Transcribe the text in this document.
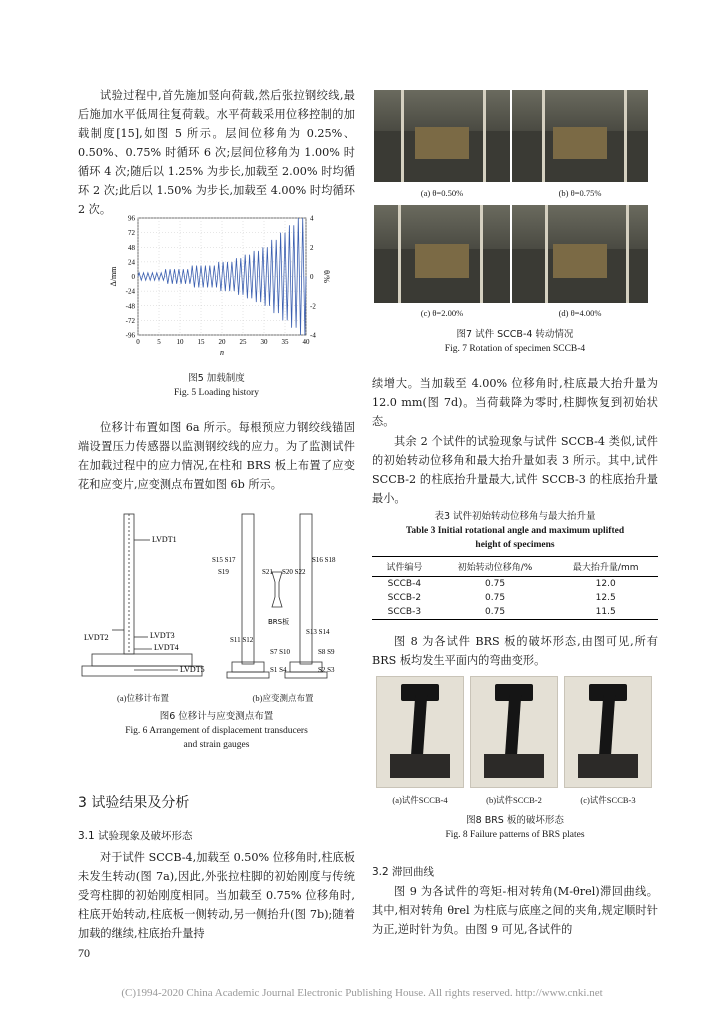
试验过程中,首先施加竖向荷载,然后张拉钢绞线,最后施加水平低周往复荷载。水平荷载采用位移控制的加载制度[15],如图 5 所示。层间位移角为 0.25%、0.50%、0.75% 时循环 6 次;层间位移角为 1.00% 时循环 4 次;随后以 1.25% 为步长,加载至 2.00% 时均循环 2 次;此后以 1.50% 为步长,加载至 4.00% 时均循环 2 次。
0	5 10 15 20 25 30 35 40
96
72
48
24
0
-24
-48
-72
-96
4
2
0
-2
-4
n
Δ/mm	θ/%
图5 加载制度
Fig. 5 Loading history
位移计布置如图 6a 所示。每根预应力钢绞线锚固端设置压力传感器以监测钢绞线的应力。为了监测试件在加载过程中的应力情况,在柱和 BRS 板上布置了应变花和应变片,应变测点布置如图 6b 所示。
LVDT1
LVDT2	LVDT3
LVDT4
LVDT5
S15 S17	S16 S18
S19	S20 S22
S21
BRS板
S13 S14
S11 S12
S7 S10	S8 S9
S1 S4	S2 S3
(a)位移计布置	(b)应变测点布置
图6 位移计与应变测点布置
Fig. 6 Arrangement of displacement transducers
and strain gauges
3 试验结果及分析
3.1 试验现象及破坏形态
对于试件 SCCB-4,加载至 0.50% 位移角时,柱底板未发生转动(图 7a),因此,外张拉柱脚的初始刚度与传统受弯柱脚的初始刚度相同。当加载至 0.75% 位移角时,柱底开始转动,柱底板一侧转动,另一侧抬升(图 7b);随着加载的继续,柱底抬升量持
(a) θ=0.50%	(b) θ=0.75%
(c) θ=2.00%	(d) θ=4.00%
图7 试件 SCCB-4 转动情况
Fig. 7 Rotation of specimen SCCB-4
续增大。当加载至 4.00% 位移角时,柱底最大抬升量为 12.0 mm(图 7d)。当荷载降为零时,柱脚恢复到初始状态。
其余 2 个试件的试验现象与试件 SCCB-4 类似,试件的初始转动位移角和最大抬升量如表 3 所示。其中,试件 SCCB-2 的柱底抬升量最大,试件 SCCB-3 的柱底抬升量最小。
表3 试件初始转动位移角与最大抬升量
Table 3 Initial rotational angle and maximum uplifted
height of specimens
试件编号	初始转动位移角/%	最大抬升量/mm
SCCB-4	0.75	12.0
SCCB-2	0.75	12.5
SCCB-3	0.75	11.5
图 8 为各试件 BRS 板的破坏形态,由图可见,所有 BRS 板均发生平面内的弯曲变形。
(a)试件SCCB-4	(b)试件SCCB-2	(c)试件SCCB-3
图8 BRS 板的破坏形态
Fig. 8 Failure patterns of BRS plates
3.2 滞回曲线
图 9 为各试件的弯矩-相对转角(M-θrel)滞回曲线。其中,相对转角 θrel 为柱底与底座之间的夹角,规定顺时针为正,逆时针为负。由图 9 可见,各试件的
70
(C)1994-2020 China Academic Journal Electronic Publishing House. All rights reserved. http://www.cnki.net
